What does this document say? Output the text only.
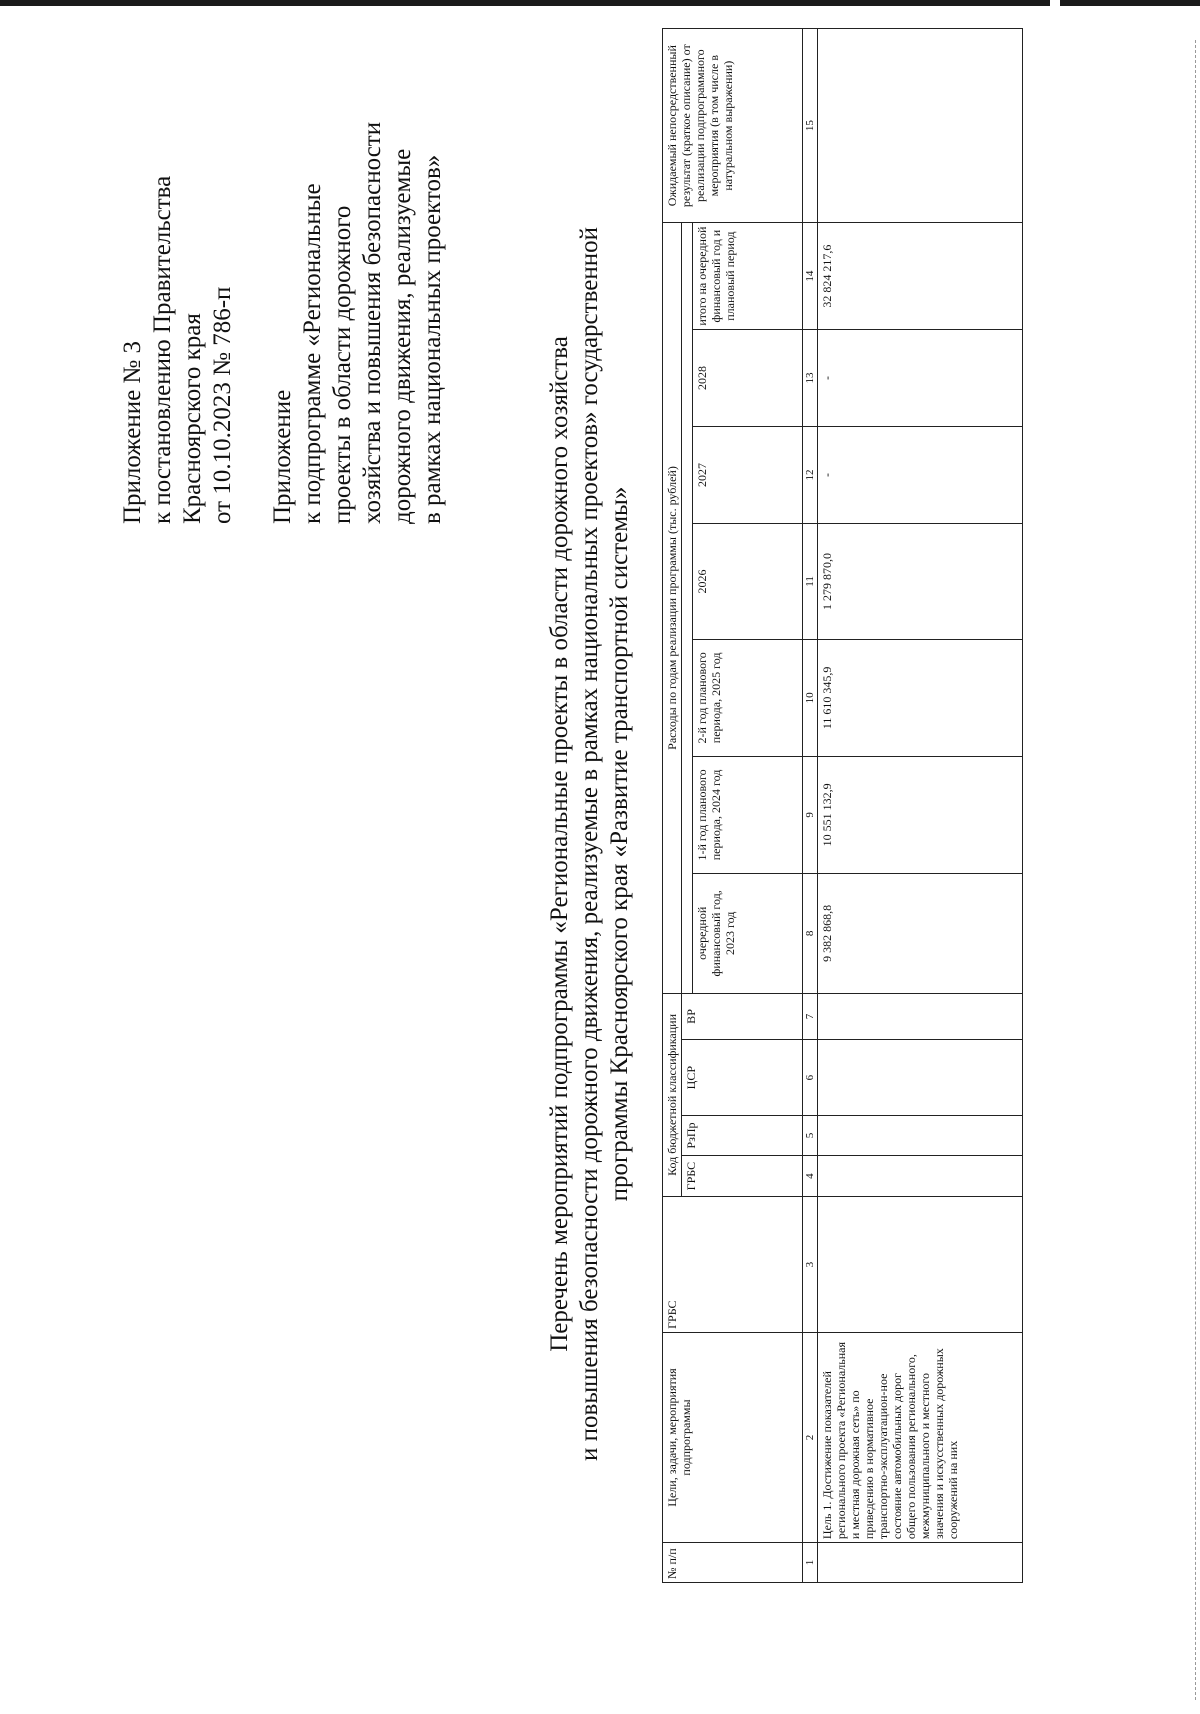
Приложение № 3 к постановлению Правительства Красноярского края от 10.10.2023 № 786-п Приложение к подпрограмме «Региональные проекты в области дорожного хозяйства и повышения безопасности дорожного движения, реализуемые в рамках национальных проектов»	Перечень мероприятий подпрограммы «Региональные проекты в области дорожного хозяйства и повышения безопасности дорожного движения, реализуемые в рамках национальных проектов» государственной программы Красноярского края «Развитие транспортной системы»
№ п/п	Цели, задачи, мероприятия подпрограммы	ГРБС	Код бюджетной классификации				Расходы по годам реализации программы (тыс. рублей)							Ожидаемый непосредственный результат (краткое описание) от реализации подпрограммного мероприятия (в том числе в натуральном выражении)
			ГРБС	РзПр	ЦСР	ВР								
							очередной финансовый год, 2023 год	1-й год планового периода, 2024 год	2-й год планового периода, 2025 год	2026	2027	2028	итого на очередной финансовый год и плановый период	
1	2	3	4	5	6	7	8	9	10	11	12	13	14	15
	Цель 1. Достижение показателей регионального проекта «Региональная и местная дорожная сеть» по приведению в нормативное транспортно-эксплуатацион-ное состояние автомобильных дорог общего пользования регионального, межмуниципального и местного значения и искусственных дорожных сооружений на них						9 382 868,8	10 551 132,9	11 610 345,9	1 279 870,0	-	-	32 824 217,6	
